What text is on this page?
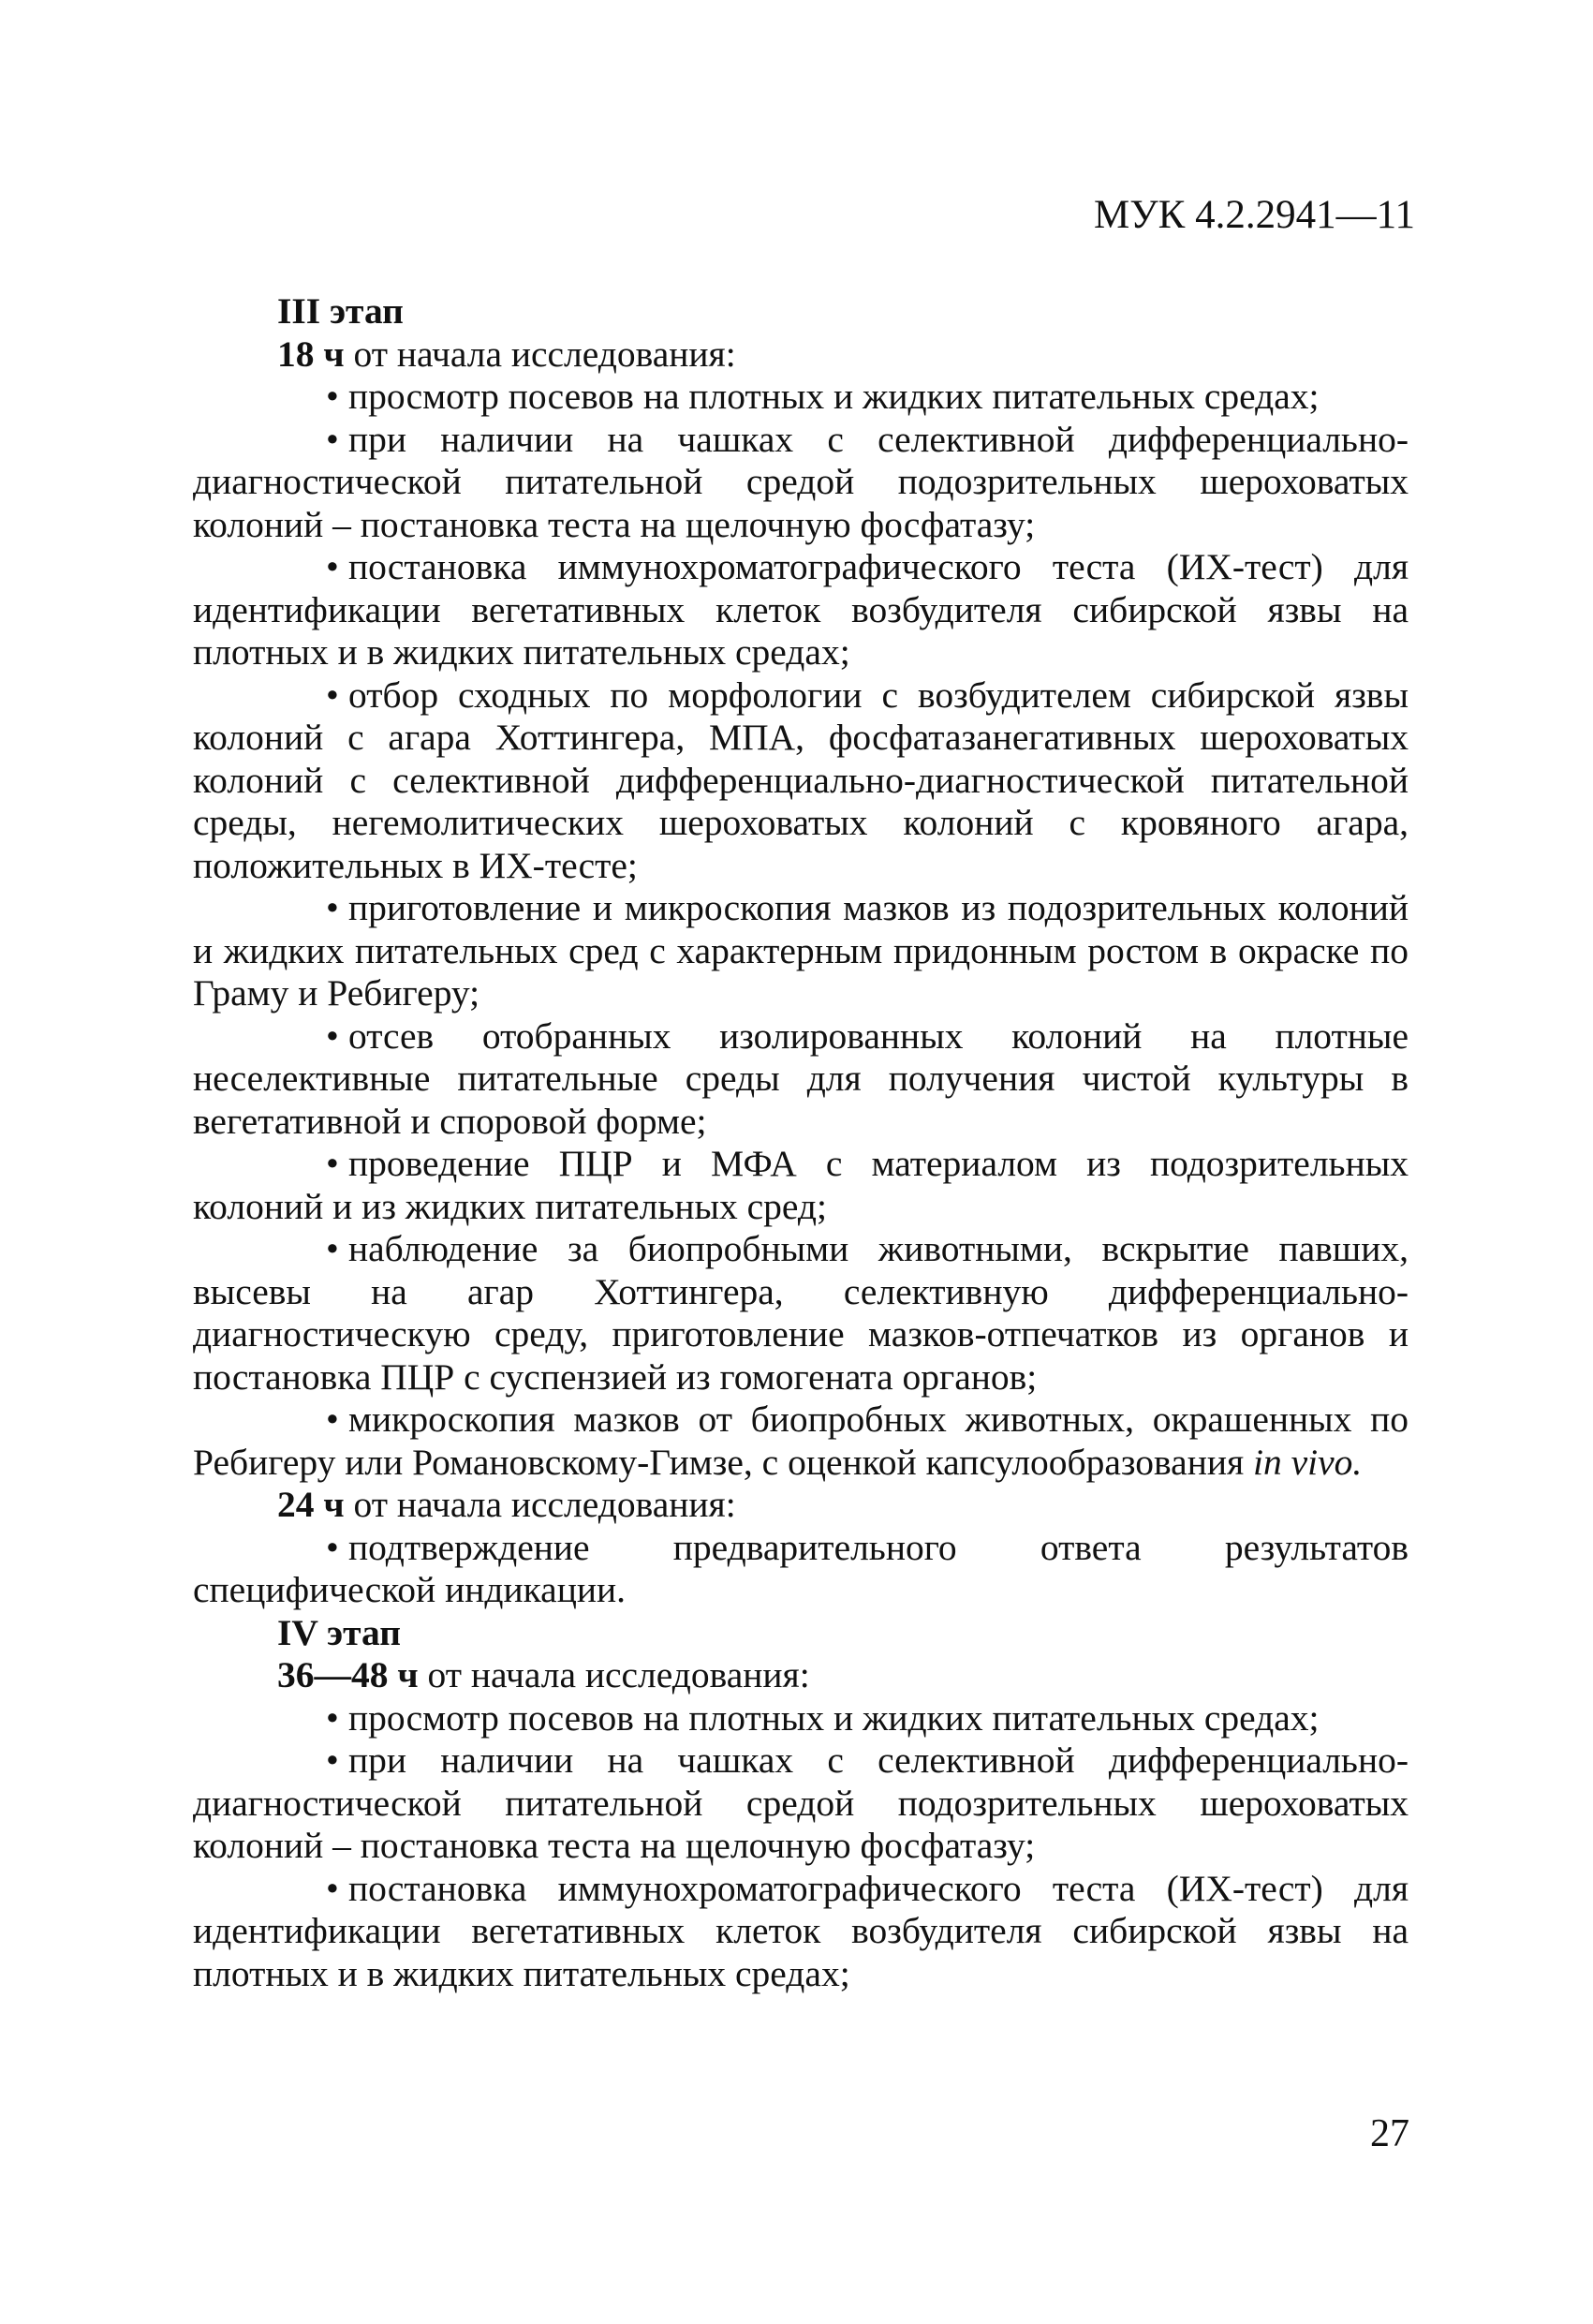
МУК 4.2.2941—11

III этап

18 ч от начала исследования:

• просмотр посевов на плотных и жидких питательных средах;

• при наличии на чашках с селективной дифференциально-диагностической питательной средой подозрительных шероховатых колоний – постановка теста на щелочную фосфатазу;

• постановка иммунохроматографического теста (ИХ-тест) для идентификации вегетативных клеток возбудителя сибирской язвы на плотных и в жидких питательных средах;

• отбор сходных по морфологии с возбудителем сибирской язвы колоний с агара Хоттингера, МПА, фосфатазанегативных шероховатых колоний с селективной дифференциально-диагностической питательной среды, негемолитических шероховатых колоний с кровяного агара, положительных в ИХ-тесте;

• приготовление и микроскопия мазков из подозрительных колоний и жидких питательных сред с характерным придонным ростом в окраске по Граму и Ребигеру;

• отсев отобранных изолированных колоний на плотные неселективные питательные среды для получения чистой культуры в вегетативной и споровой форме;

• проведение ПЦР и МФА с материалом из подозрительных колоний и из жидких питательных сред;

• наблюдение за биопробными животными, вскрытие павших, высевы на агар Хоттингера, селективную дифференциально-диагностическую среду, приготовление мазков-отпечатков из органов и постановка ПЦР с суспензией из гомогената органов;

• микроскопия мазков от биопробных животных, окрашенных по Ребигеру или Романовскому-Гимзе, с оценкой капсулообразования in vivo.

24 ч от начала исследования:

• подтверждение предварительного ответа результатов специфической индикации.

IV этап

36—48 ч от начала исследования:

• просмотр посевов на плотных и жидких питательных средах;

• при наличии на чашках с селективной дифференциально-диагностической питательной средой подозрительных шероховатых колоний – постановка теста на щелочную фосфатазу;

• постановка иммунохроматографического теста (ИХ-тест) для идентификации вегетативных клеток возбудителя сибирской язвы на плотных и в жидких питательных средах;

27
